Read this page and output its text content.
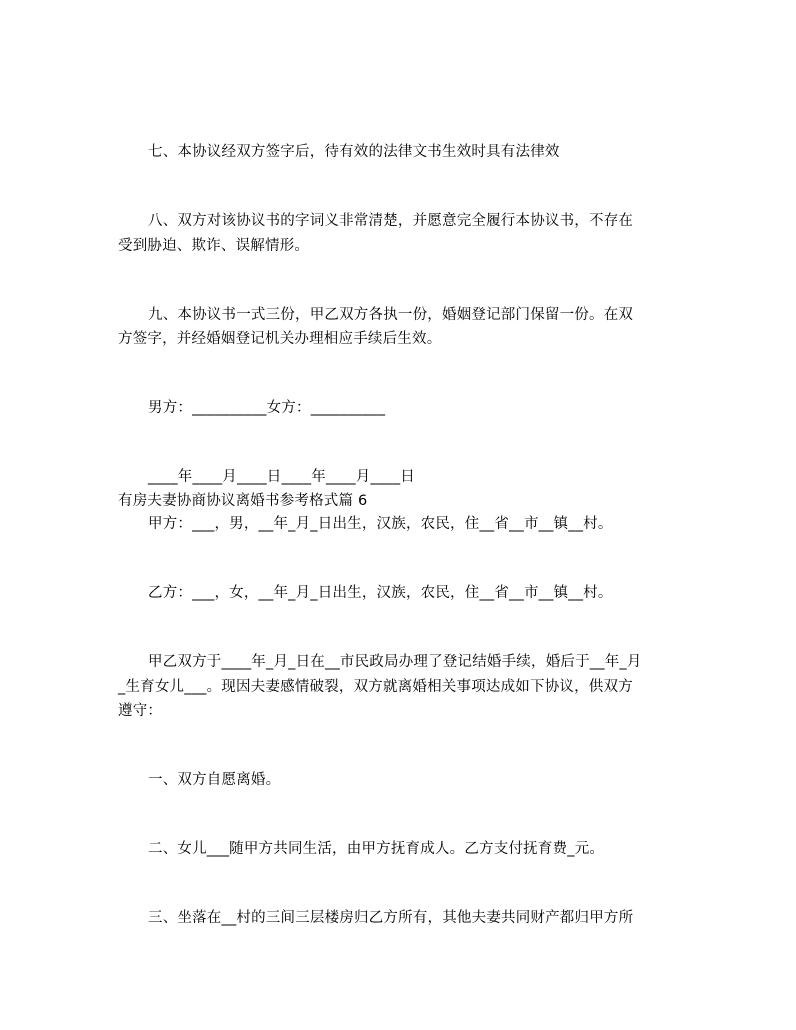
七、本协议经双方签字后，待有效的法律文书生效时具有法律效
八、双方对该协议书的字词义非常清楚，并愿意完全履行本协议书，不存在
受到胁迫、欺诈、误解情形。
九、本协议书一式三份，甲乙双方各执一份，婚姻登记部门保留一份。在双
方签字，并经婚姻登记机关办理相应手续后生效。
男方：__________女方：__________
____年____月____日____年____月____日
有房夫妻协商协议离婚书参考格式篇 6
甲方：___，男，__年_月_日出生，汉族，农民，住__省__市__镇__村。
乙方：___，女，__年_月_日出生，汉族，农民，住__省__市__镇__村。
甲乙双方于____年_月_日在__市民政局办理了登记结婚手续，婚后于__年_月
_生育女儿___。现因夫妻感情破裂，双方就离婚相关事项达成如下协议，供双方
遵守：
一、双方自愿离婚。
二、女儿___随甲方共同生活，由甲方抚育成人。乙方支付抚育费_元。
三、坐落在__村的三间三层楼房归乙方所有，其他夫妻共同财产都归甲方所
